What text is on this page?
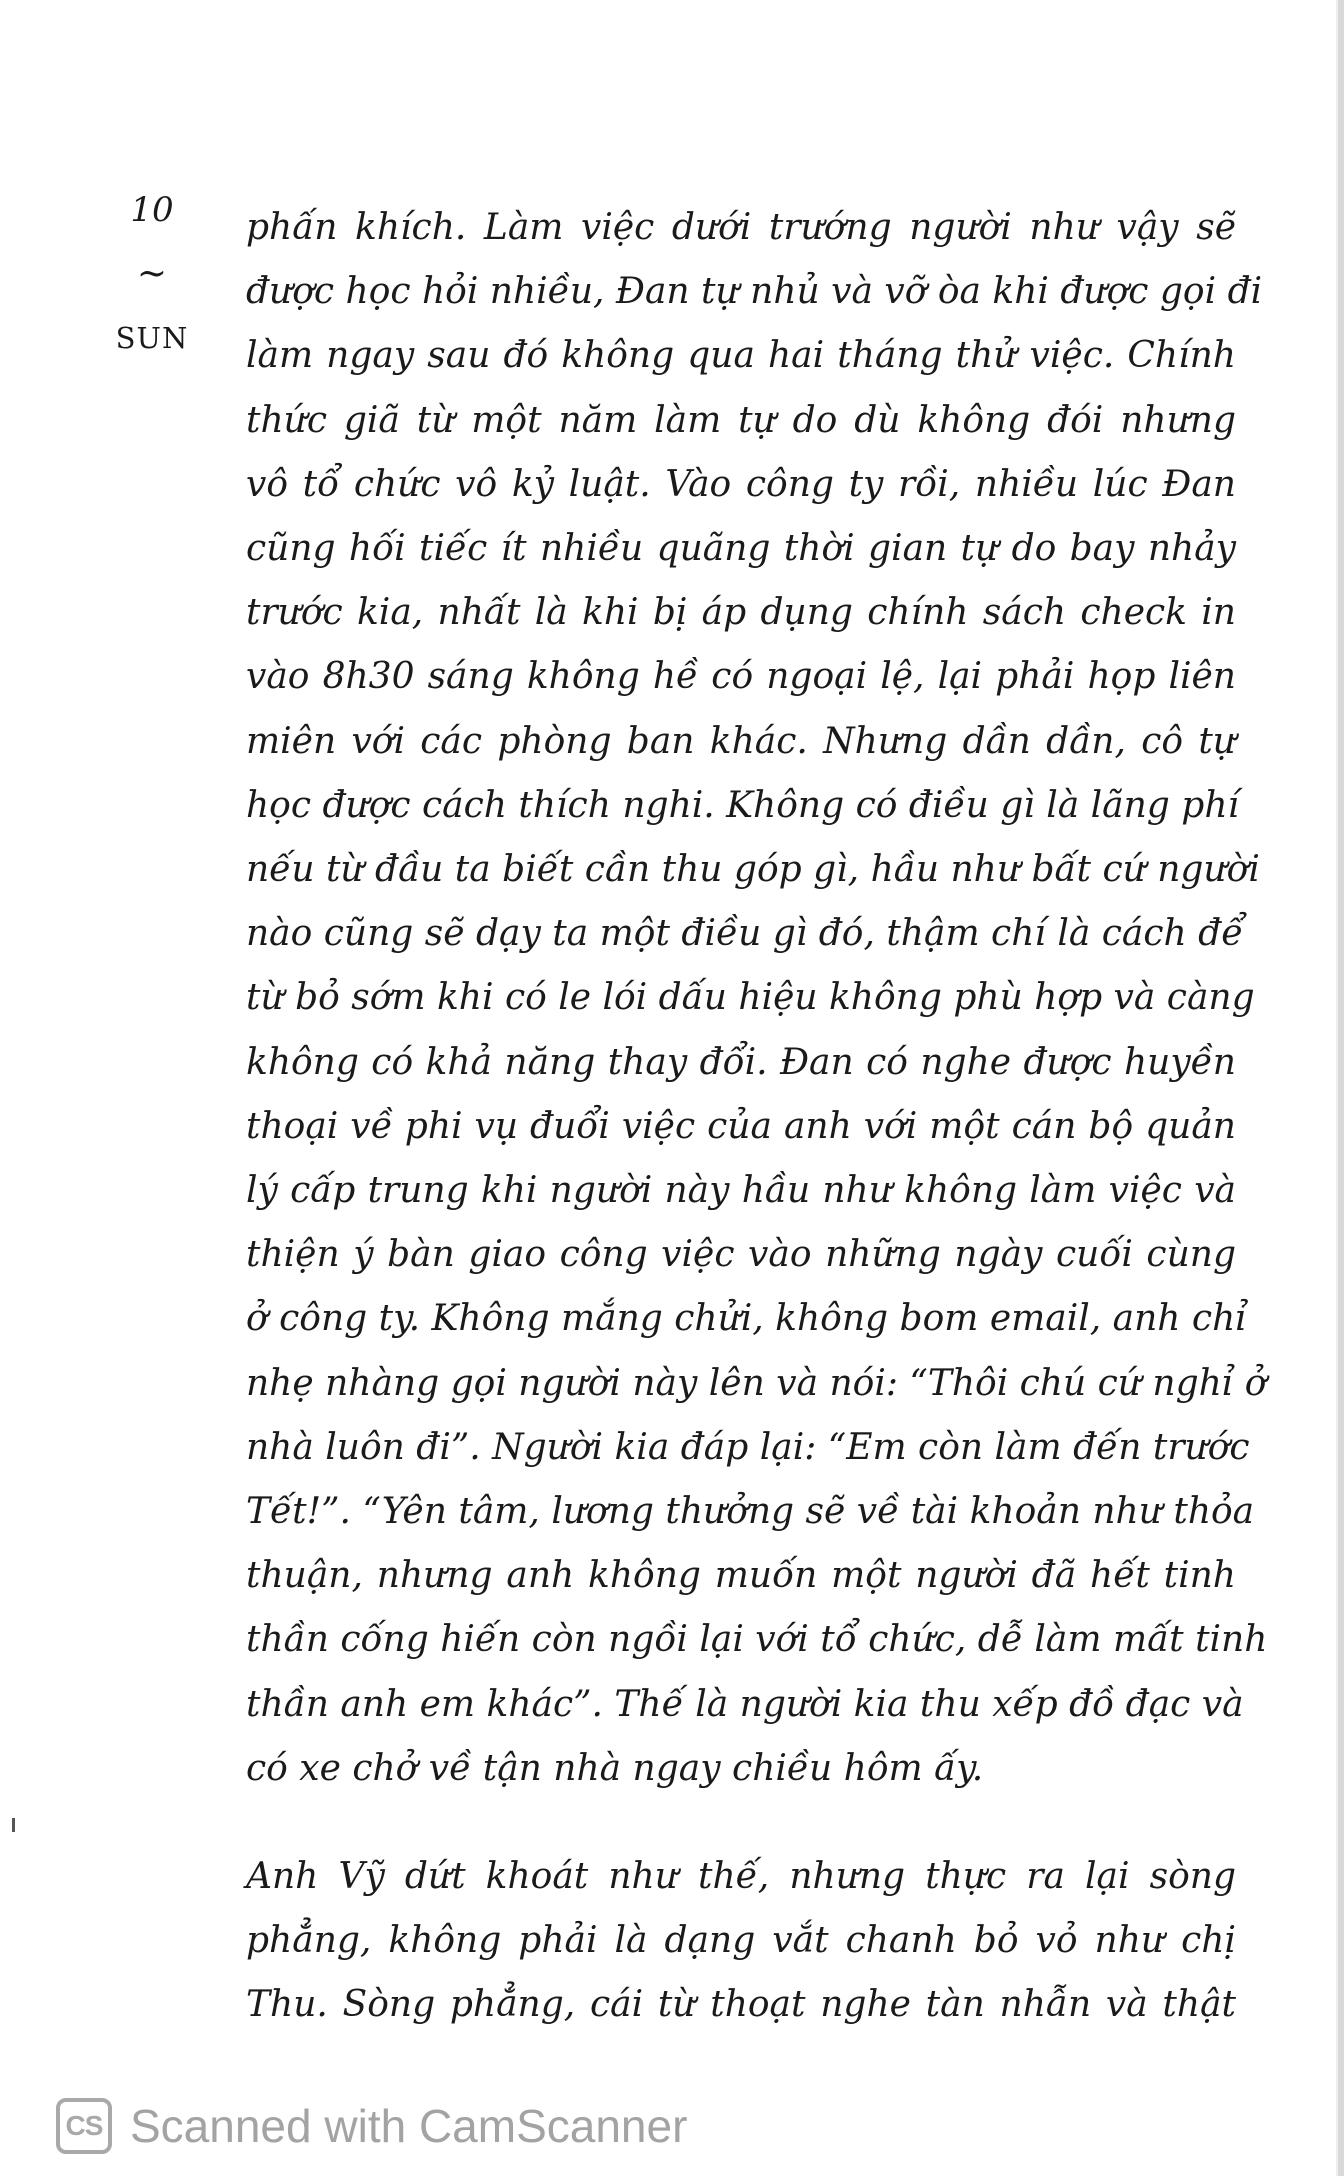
10
~
SUN
phấn khích. Làm việc dưới trướng người như vậy sẽ
được học hỏi nhiều, Đan tự nhủ và vỡ òa khi được gọi đi
làm ngay sau đó không qua hai tháng thử việc. Chính
thức giã từ một năm làm tự do dù không đói nhưng
vô tổ chức vô kỷ luật. Vào công ty rồi, nhiều lúc Đan
cũng hối tiếc ít nhiều quãng thời gian tự do bay nhảy
trước kia, nhất là khi bị áp dụng chính sách check in
vào 8h30 sáng không hề có ngoại lệ, lại phải họp liên
miên với các phòng ban khác. Nhưng dần dần, cô tự
học được cách thích nghi. Không có điều gì là lãng phí
nếu từ đầu ta biết cần thu góp gì, hầu như bất cứ người
nào cũng sẽ dạy ta một điều gì đó, thậm chí là cách để
từ bỏ sớm khi có le lói dấu hiệu không phù hợp và càng
không có khả năng thay đổi. Đan có nghe được huyền
thoại về phi vụ đuổi việc của anh với một cán bộ quản
lý cấp trung khi người này hầu như không làm việc và
thiện ý bàn giao công việc vào những ngày cuối cùng
ở công ty. Không mắng chửi, không bom email, anh chỉ
nhẹ nhàng gọi người này lên và nói: “Thôi chú cứ nghỉ ở
nhà luôn đi”. Người kia đáp lại: “Em còn làm đến trước
Tết!”. “Yên tâm, lương thưởng sẽ về tài khoản như thỏa
thuận, nhưng anh không muốn một người đã hết tinh
thần cống hiến còn ngồi lại với tổ chức, dễ làm mất tinh
thần anh em khác”. Thế là người kia thu xếp đồ đạc và
có xe chở về tận nhà ngay chiều hôm ấy.
Anh Vỹ dứt khoát như thế, nhưng thực ra lại sòng
phẳng, không phải là dạng vắt chanh bỏ vỏ như chị
Thu. Sòng phẳng, cái từ thoạt nghe tàn nhẫn và thật
CS Scanned with CamScanner
